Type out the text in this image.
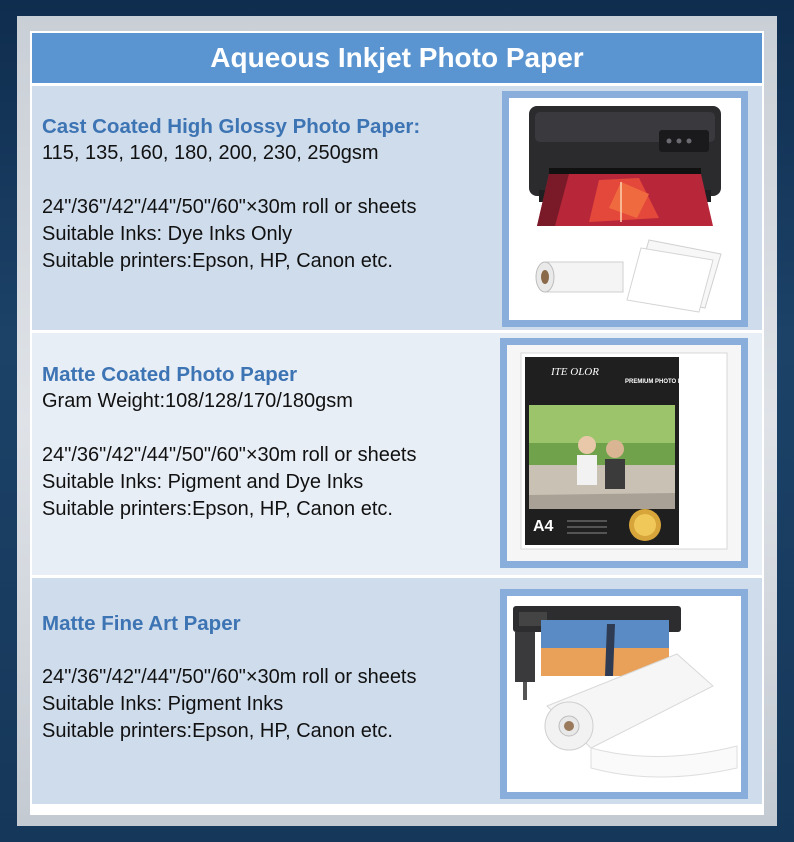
Aqueous Inkjet Photo Paper
Cast Coated High Glossy Photo Paper:
115, 135, 160, 180, 200, 230, 250gsm
24"/36"/42"/44"/50"/60"×30m roll or sheets
Suitable Inks: Dye Inks Only
Suitable printers:Epson, HP, Canon etc.
Matte Coated Photo Paper
Gram Weight:108/128/170/180gsm
24"/36"/42"/44"/50"/60"×30m roll or sheets
Suitable Inks: Pigment and Dye Inks
Suitable printers:Epson, HP, Canon etc.
ITE OLOR
PREMIUM PHOTO PAPER
A4
Matte Fine Art Paper
24"/36"/42"/44"/50"/60"×30m roll or sheets
Suitable Inks: Pigment Inks
Suitable printers:Epson, HP, Canon etc.
